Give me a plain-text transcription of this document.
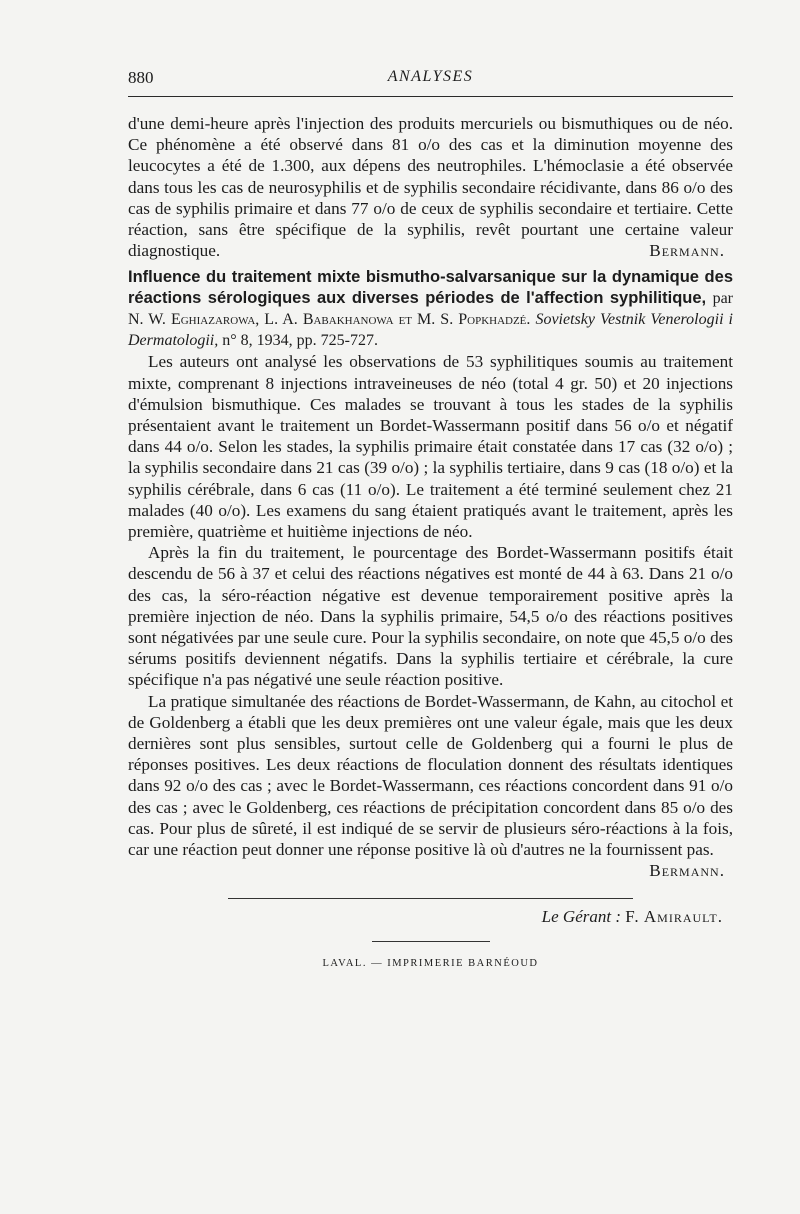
880	ANALYSES

d'une demi-heure après l'injection des produits mercuriels ou bismuthiques ou de néo. Ce phénomène a été observé dans 81 o/o des cas et la diminution moyenne des leucocytes a été de 1.300, aux dépens des neutrophiles. L'hémoclasie a été observée dans tous les cas de neurosyphilis et de syphilis secondaire récidivante, dans 86 o/o des cas de syphilis primaire et dans 77 o/o de ceux de syphilis secondaire et tertiaire. Cette réaction, sans être spécifique de la syphilis, revêt pourtant une certaine valeur diagnostique.	Bermann.

Influence du traitement mixte bismutho-salvarsanique sur la dynamique des réactions sérologiques aux diverses périodes de l'affection syphilitique, par N. W. Eghiazarowa, L. A. Babakhanowa et M. S. Popkhadzé. Sovietsky Vestnik Venerologii i Dermatologii, n° 8, 1934, pp. 725-727.

Les auteurs ont analysé les observations de 53 syphilitiques soumis au traitement mixte, comprenant 8 injections intraveineuses de néo (total 4 gr. 50) et 20 injections d'émulsion bismuthique. Ces malades se trouvant à tous les stades de la syphilis présentaient avant le traitement un Bordet-Wassermann positif dans 56 o/o et négatif dans 44 o/o. Selon les stades, la syphilis primaire était constatée dans 17 cas (32 o/o) ; la syphilis secondaire dans 21 cas (39 o/o) ; la syphilis tertiaire, dans 9 cas (18 o/o) et la syphilis cérébrale, dans 6 cas (11 o/o). Le traitement a été terminé seulement chez 21 malades (40 o/o). Les examens du sang étaient pratiqués avant le traitement, après les première, quatrième et huitième injections de néo.

Après la fin du traitement, le pourcentage des Bordet-Wassermann positifs était descendu de 56 à 37 et celui des réactions négatives est monté de 44 à 63. Dans 21 o/o des cas, la séro-réaction négative est devenue temporairement positive après la première injection de néo. Dans la syphilis primaire, 54,5 o/o des réactions positives sont négativées par une seule cure. Pour la syphilis secondaire, on note que 45,5 o/o des sérums positifs deviennent négatifs. Dans la syphilis tertiaire et cérébrale, la cure spécifique n'a pas négativé une seule réaction positive.

La pratique simultanée des réactions de Bordet-Wassermann, de Kahn, au citochol et de Goldenberg a établi que les deux premières ont une valeur égale, mais que les deux dernières sont plus sensibles, surtout celle de Goldenberg qui a fourni le plus de réponses positives. Les deux réactions de floculation donnent des résultats identiques dans 92 o/o des cas ; avec le Bordet-Wassermann, ces réactions concordent dans 91 o/o des cas ; avec le Goldenberg, ces réactions de précipitation concordent dans 85 o/o des cas. Pour plus de sûreté, il est indiqué de se servir de plusieurs séro-réactions à la fois, car une réaction peut donner une réponse positive là où d'autres ne la fournissent pas.

Bermann.

Le Gérant : F. Amirault.
LAVAL. — IMPRIMERIE BARNÉOUD
